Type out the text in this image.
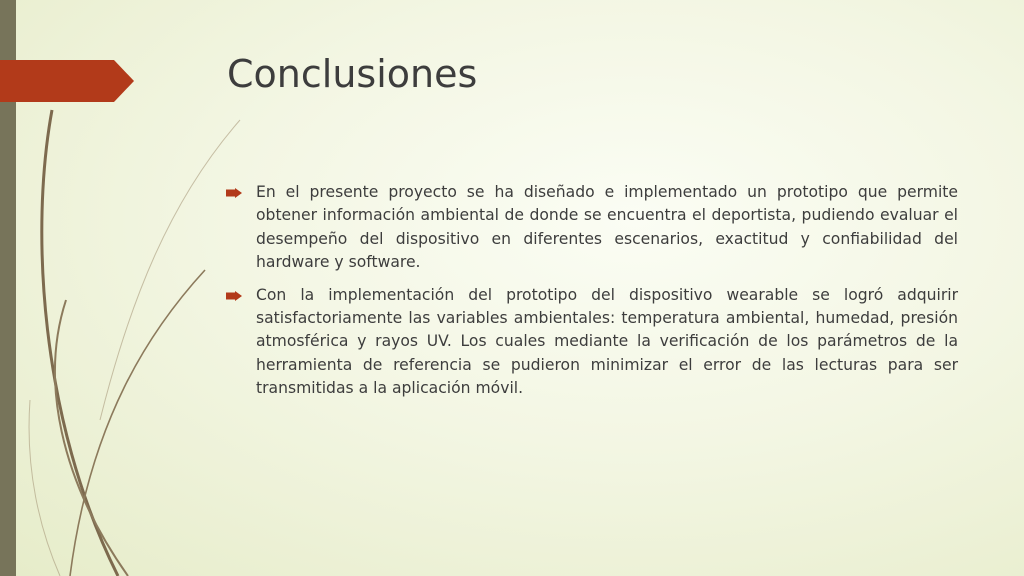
Conclusiones
En el presente proyecto se ha diseñado e implementado un prototipo que permite obtener información ambiental de donde se encuentra el deportista, pudiendo evaluar el desempeño del dispositivo en diferentes escenarios, exactitud y confiabilidad del hardware y software.
Con la implementación del prototipo del dispositivo wearable se logró adquirir satisfactoriamente las variables ambientales: temperatura ambiental, humedad, presión atmosférica y rayos UV. Los cuales mediante la verificación de los parámetros de la herramienta de referencia se pudieron minimizar el error de las lecturas para ser transmitidas a la aplicación móvil.
